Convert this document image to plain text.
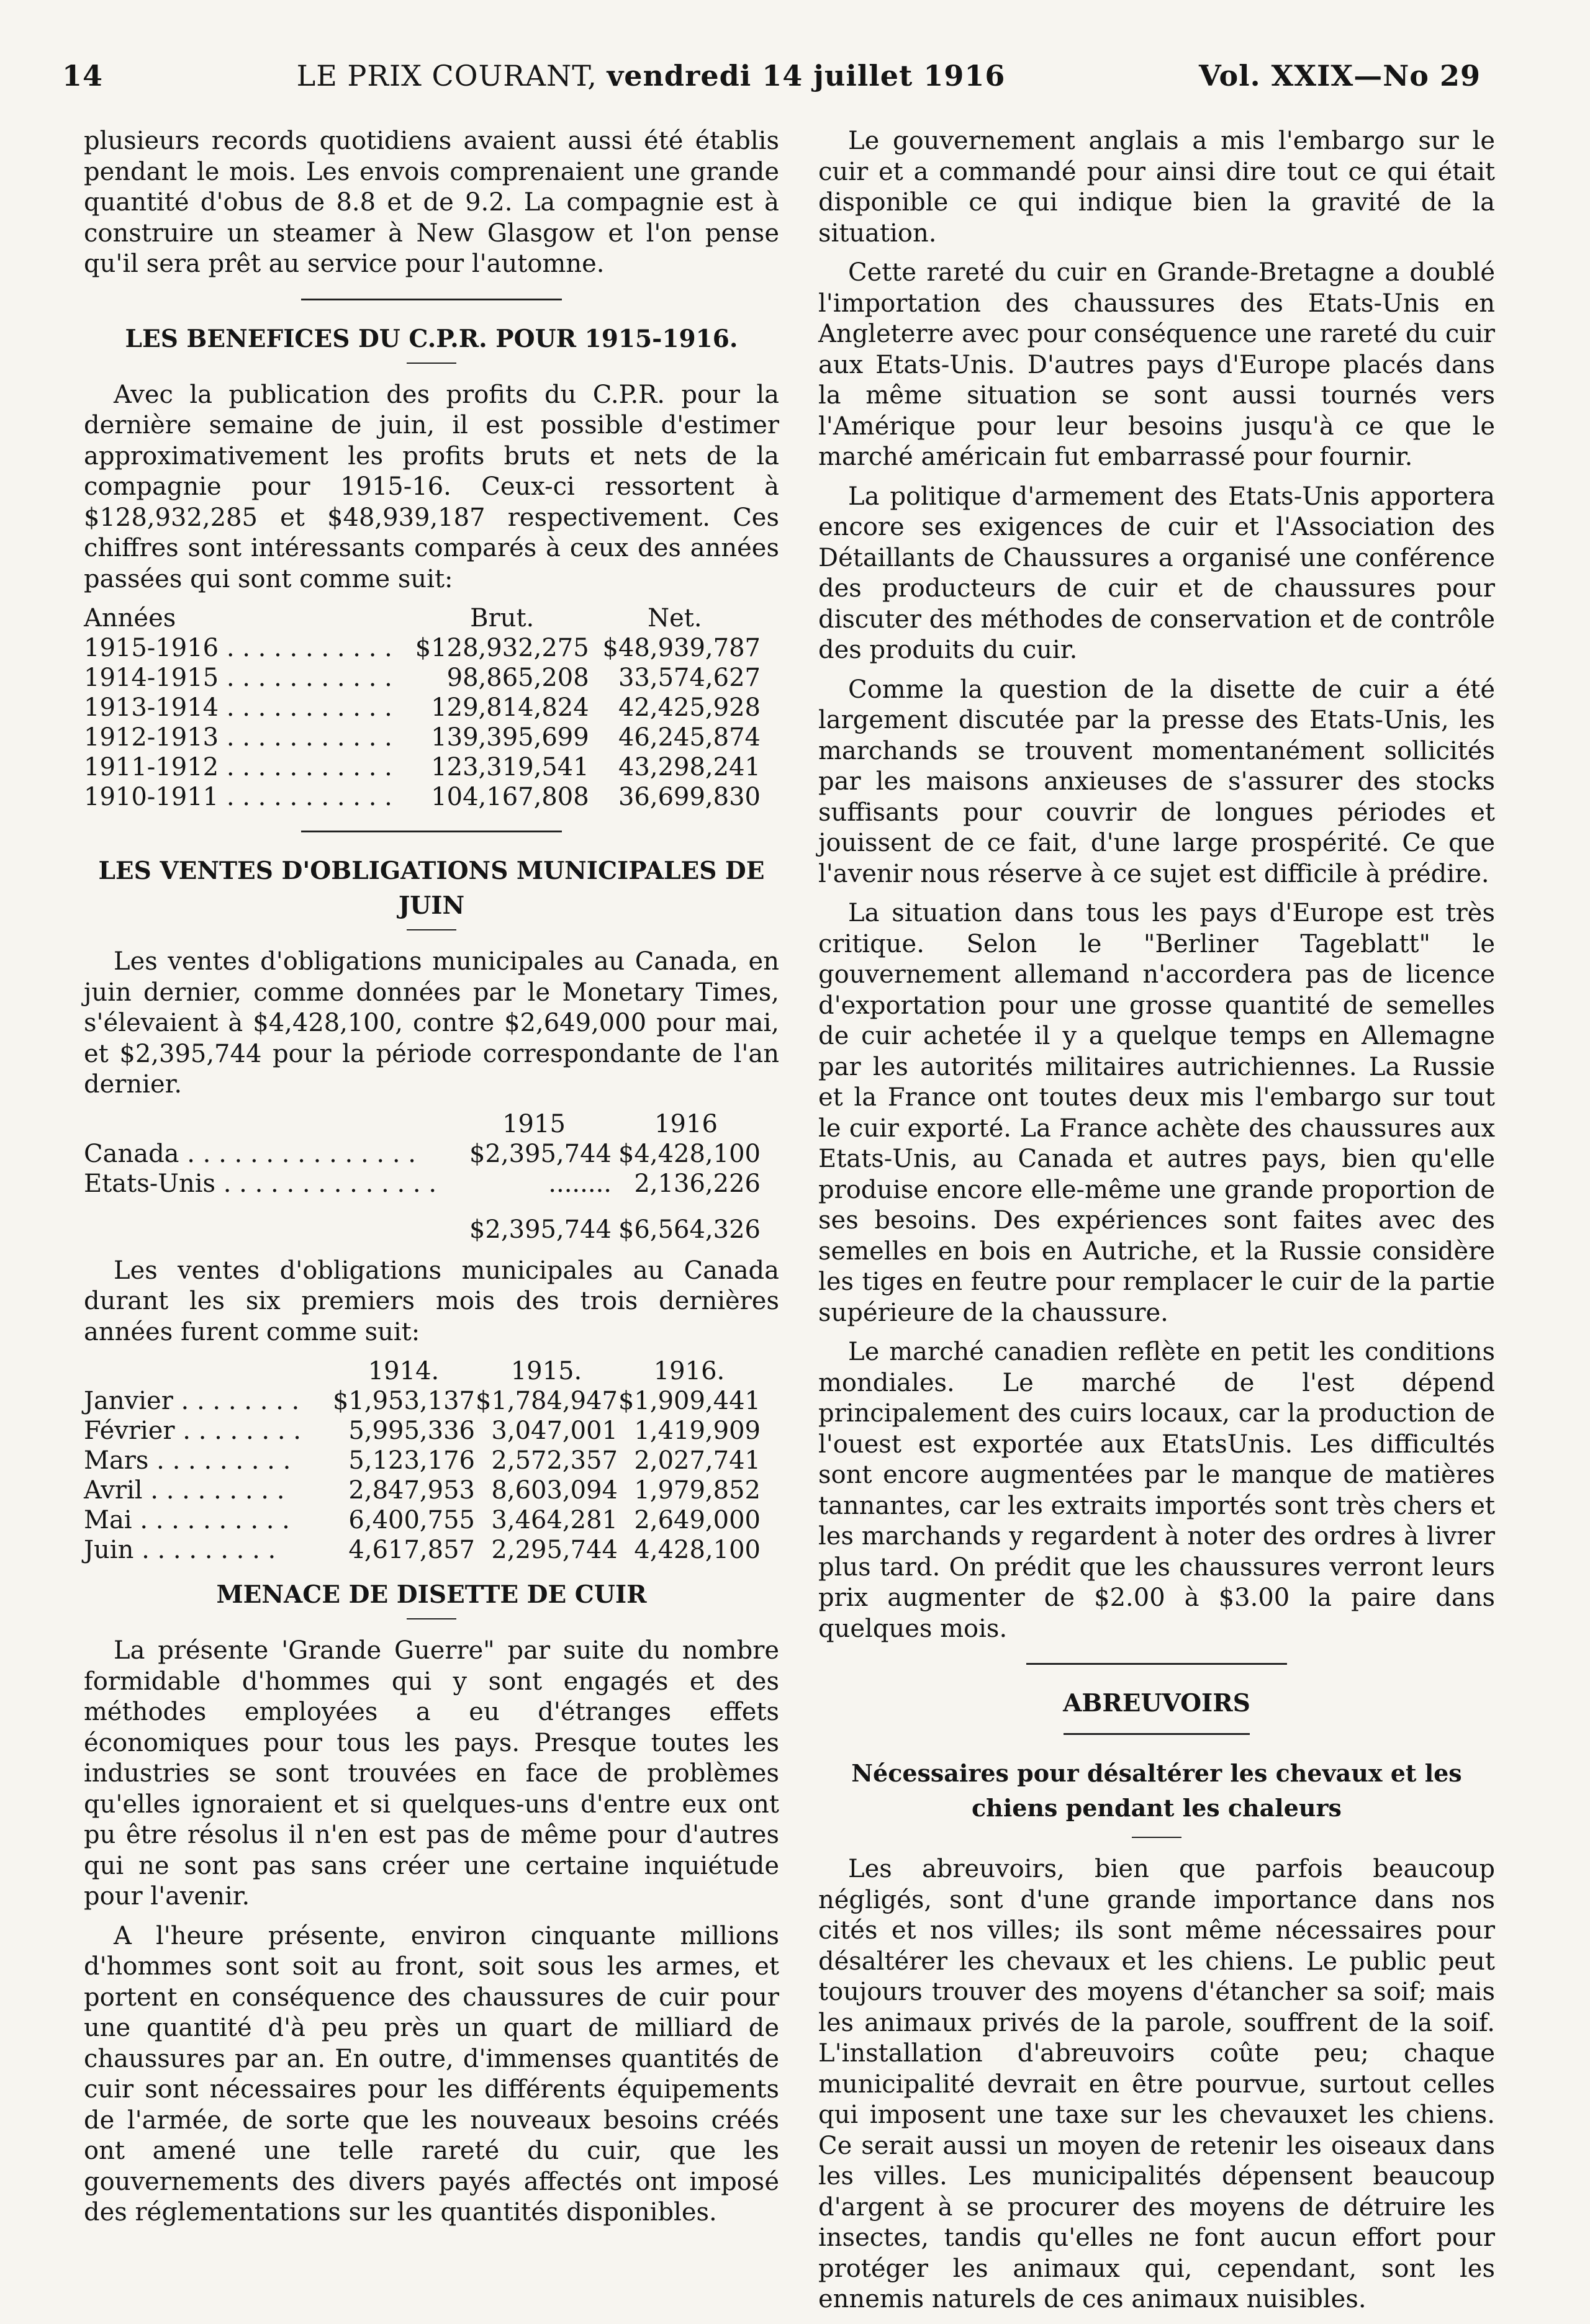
14	LE PRIX COURANT, vendredi 14 juillet 1916	Vol. XXIX—No 29

plusieurs records quotidiens avaient aussi été établis pendant le mois. Les envois comprenaient une grande quantité d'obus de 8.8 et de 9.2. La compagnie est à construire un steamer à New Glasgow et l'on pense qu'il sera prêt au service pour l'automne.

LES BENEFICES DU C.P.R. POUR 1915-1916.

Avec la publication des profits du C.P.R. pour la dernière semaine de juin, il est possible d'estimer approximativement les profits bruts et nets de la compagnie pour 1915-16. Ceux-ci ressortent à $128,932,285 et $48,939,187 respectivement. Ces chiffres sont intéressants comparés à ceux des années passées qui sont comme suit:

Années	Brut.	Net.
1915-1916 . . . . . . . . . . .	$128,932,275	$48,939,787
1914-1915 . . . . . . . . . . .	98,865,208	33,574,627
1913-1914 . . . . . . . . . . .	129,814,824	42,425,928
1912-1913 . . . . . . . . . . .	139,395,699	46,245,874
1911-1912 . . . . . . . . . . .	123,319,541	43,298,241
1910-1911 . . . . . . . . . . .	104,167,808	36,699,830
LES VENTES D'OBLIGATIONS MUNICIPALES DE JUIN

Les ventes d'obligations municipales au Canada, en juin dernier, comme données par le Monetary Times, s'élevaient à $4,428,100, contre $2,649,000 pour mai, et $2,395,744 pour la période correspondante de l'an dernier.

	1915	1916
Canada . . . . . . . . . . . . . . .	$2,395,744	$4,428,100
Etats-Unis . . . . . . . . . . . . . .	........	2,136,226
	$2,395,744	$6,564,326

Les ventes d'obligations municipales au Canada durant les six premiers mois des trois dernières années furent comme suit:

	1914.	1915.	1916.
Janvier . . . . . . . .	$1,953,137	$1,784,947	$1,909,441
Février . . . . . . . .	5,995,336	3,047,001	1,419,909
Mars . . . . . . . . .	5,123,176	2,572,357	2,027,741
Avril . . . . . . . . .	2,847,953	8,603,094	1,979,852
Mai . . . . . . . . . .	6,400,755	3,464,281	2,649,000
Juin . . . . . . . . .	4,617,857	2,295,744	4,428,100
MENACE DE DISETTE DE CUIR

La présente 'Grande Guerre" par suite du nombre formidable d'hommes qui y sont engagés et des méthodes employées a eu d'étranges effets économiques pour tous les pays. Presque toutes les industries se sont trouvées en face de problèmes qu'elles ignoraient et si quelques-uns d'entre eux ont pu être résolus il n'en est pas de même pour d'autres qui ne sont pas sans créer une certaine inquiétude pour l'avenir.

A l'heure présente, environ cinquante millions d'hommes sont soit au front, soit sous les armes, et portent en conséquence des chaussures de cuir pour une quantité d'à peu près un quart de milliard de chaussures par an. En outre, d'immenses quantités de cuir sont nécessaires pour les différents équipements de l'armée, de sorte que les nouveaux besoins créés ont amené une telle rareté du cuir, que les gouvernements des divers payés affectés ont imposé des réglementations sur les quantités disponibles.

Le gouvernement anglais a mis l'embargo sur le cuir et a commandé pour ainsi dire tout ce qui était disponible ce qui indique bien la gravité de la situation.

Cette rareté du cuir en Grande-Bretagne a doublé l'importation des chaussures des Etats-Unis en Angleterre avec pour conséquence une rareté du cuir aux Etats-Unis. D'autres pays d'Europe placés dans la même situation se sont aussi tournés vers l'Amérique pour leur besoins jusqu'à ce que le marché américain fut embarrassé pour fournir.

La politique d'armement des Etats-Unis apportera encore ses exigences de cuir et l'Association des Détaillants de Chaussures a organisé une conférence des producteurs de cuir et de chaussures pour discuter des méthodes de conservation et de contrôle des produits du cuir.

Comme la question de la disette de cuir a été largement discutée par la presse des Etats-Unis, les marchands se trouvent momentanément sollicités par les maisons anxieuses de s'assurer des stocks suffisants pour couvrir de longues périodes et jouissent de ce fait, d'une large prospérité. Ce que l'avenir nous réserve à ce sujet est difficile à prédire.

La situation dans tous les pays d'Europe est très critique. Selon le "Berliner Tageblatt" le gouvernement allemand n'accordera pas de licence d'exportation pour une grosse quantité de semelles de cuir achetée il y a quelque temps en Allemagne par les autorités militaires autrichiennes. La Russie et la France ont toutes deux mis l'embargo sur tout le cuir exporté. La France achète des chaussures aux Etats-Unis, au Canada et autres pays, bien qu'elle produise encore elle-même une grande proportion de ses besoins. Des expériences sont faites avec des semelles en bois en Autriche, et la Russie considère les tiges en feutre pour remplacer le cuir de la partie supérieure de la chaussure.

Le marché canadien reflète en petit les conditions mondiales. Le marché de l'est dépend principalement des cuirs locaux, car la production de l'ouest est exportée aux EtatsUnis. Les difficultés sont encore augmentées par le manque de matières tannantes, car les extraits importés sont très chers et les marchands y regardent à noter des ordres à livrer plus tard. On prédit que les chaussures verront leurs prix augmenter de $2.00 à $3.00 la paire dans quelques mois.

ABREUVOIRS
Nécessaires pour désaltérer les chevaux et les chiens pendant les chaleurs

Les abreuvoirs, bien que parfois beaucoup négligés, sont d'une grande importance dans nos cités et nos villes; ils sont même nécessaires pour désaltérer les chevaux et les chiens. Le public peut toujours trouver des moyens d'étancher sa soif; mais les animaux privés de la parole, souffrent de la soif. L'installation d'abreuvoirs coûte peu; chaque municipalité devrait en être pourvue, surtout celles qui imposent une taxe sur les chevauxet les chiens. Ce serait aussi un moyen de retenir les oiseaux dans les villes. Les municipalités dépensent beaucoup d'argent à se procurer des moyens de détruire les insectes, tandis qu'elles ne font aucun effort pour protéger les animaux qui, cependant, sont les ennemis naturels de ces animaux nuisibles.
